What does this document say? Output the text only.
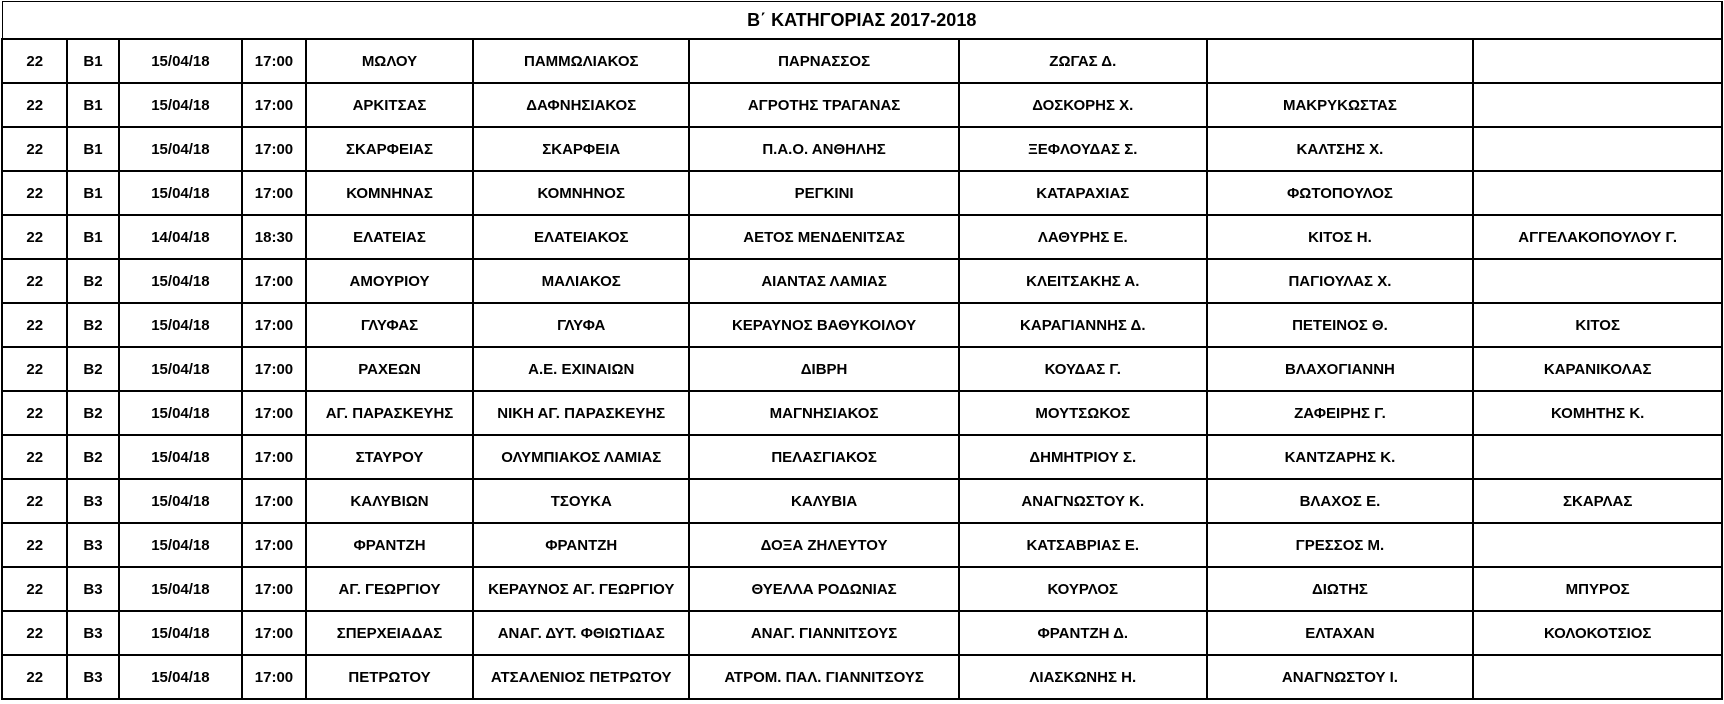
Β΄ ΚΑΤΗΓΟΡΙΑΣ 2017-2018									
22	Β1	15/04/18	17:00	ΜΩΛΟΥ	ΠΑΜΜΩΛΙΑΚΟΣ	ΠΑΡΝΑΣΣΟΣ	ΖΩΓΑΣ Δ.		
22	Β1	15/04/18	17:00	ΑΡΚΙΤΣΑΣ	ΔΑΦΝΗΣΙΑΚΟΣ	ΑΓΡΟΤΗΣ ΤΡΑΓΑΝΑΣ	ΔΟΣΚΟΡΗΣ Χ.	ΜΑΚΡΥΚΩΣΤΑΣ	
22	Β1	15/04/18	17:00	ΣΚΑΡΦΕΙΑΣ	ΣΚΑΡΦΕΙΑ	Π.Α.Ο. ΑΝΘΗΛΗΣ	ΞΕΦΛΟΥΔΑΣ Σ.	ΚΑΛΤΣΗΣ Χ.	
22	Β1	15/04/18	17:00	ΚΟΜΝΗΝΑΣ	ΚΟΜΝΗΝΟΣ	ΡΕΓΚΙΝΙ	ΚΑΤΑΡΑΧΙΑΣ	ΦΩΤΟΠΟΥΛΟΣ	
22	Β1	14/04/18	18:30	ΕΛΑΤΕΙΑΣ	ΕΛΑΤΕΙΑΚΟΣ	ΑΕΤΟΣ ΜΕΝΔΕΝΙΤΣΑΣ	ΛΑΘΥΡΗΣ Ε.	ΚΙΤΟΣ Η.	ΑΓΓΕΛΑΚΟΠΟΥΛΟΥ Γ.
22	Β2	15/04/18	17:00	ΑΜΟΥΡΙΟΥ	ΜΑΛΙΑΚΟΣ	ΑΙΑΝΤΑΣ ΛΑΜΙΑΣ	ΚΛΕΙΤΣΑΚΗΣ Α.	ΠΑΓΙΟΥΛΑΣ Χ.	
22	Β2	15/04/18	17:00	ΓΛΥΦΑΣ	ΓΛΥΦΑ	ΚΕΡΑΥΝΟΣ ΒΑΘΥΚΟΙΛΟΥ	ΚΑΡΑΓΙΑΝΝΗΣ Δ.	ΠΕΤΕΙΝΟΣ Θ.	ΚΙΤΟΣ
22	Β2	15/04/18	17:00	ΡΑΧΕΩΝ	Α.Ε. ΕΧΙΝΑΙΩΝ	ΔΙΒΡΗ	ΚΟΥΔΑΣ Γ.	ΒΛΑΧΟΓΙΑΝΝΗ	ΚΑΡΑΝΙΚΟΛΑΣ
22	Β2	15/04/18	17:00	ΑΓ. ΠΑΡΑΣΚΕΥΗΣ	ΝΙΚΗ ΑΓ. ΠΑΡΑΣΚΕΥΗΣ	ΜΑΓΝΗΣΙΑΚΟΣ	ΜΟΥΤΣΩΚΟΣ	ΖΑΦΕΙΡΗΣ Γ.	ΚΟΜΗΤΗΣ Κ.
22	Β2	15/04/18	17:00	ΣΤΑΥΡΟΥ	ΟΛΥΜΠΙΑΚΟΣ ΛΑΜΙΑΣ	ΠΕΛΑΣΓΙΑΚΟΣ	ΔΗΜΗΤΡΙΟΥ Σ.	ΚΑΝΤΖΑΡΗΣ Κ.	
22	Β3	15/04/18	17:00	ΚΑΛΥΒΙΩΝ	ΤΣΟΥΚΑ	ΚΑΛΥΒΙΑ	ΑΝΑΓΝΩΣΤΟΥ Κ.	ΒΛΑΧΟΣ Ε.	ΣΚΑΡΛΑΣ
22	Β3	15/04/18	17:00	ΦΡΑΝΤΖΗ	ΦΡΑΝΤΖΗ	ΔΟΞΑ ΖΗΛΕΥΤΟΥ	ΚΑΤΣΑΒΡΙΑΣ Ε.	ΓΡΕΣΣΟΣ Μ.	
22	Β3	15/04/18	17:00	ΑΓ. ΓΕΩΡΓΙΟΥ	ΚΕΡΑΥΝΟΣ ΑΓ. ΓΕΩΡΓΙΟΥ	ΘΥΕΛΛΑ ΡΟΔΩΝΙΑΣ	ΚΟΥΡΛΟΣ	ΔΙΩΤΗΣ	ΜΠΥΡΟΣ
22	Β3	15/04/18	17:00	ΣΠΕΡΧΕΙΑΔΑΣ	ΑΝΑΓ. ΔΥΤ. ΦΘΙΩΤΙΔΑΣ	ΑΝΑΓ. ΓΙΑΝΝΙΤΣΟΥΣ	ΦΡΑΝΤΖΗ Δ.	ΕΛΤΑΧΑΝ	ΚΟΛΟΚΟΤΣΙΟΣ
22	Β3	15/04/18	17:00	ΠΕΤΡΩΤΟΥ	ΑΤΣΑΛΕΝΙΟΣ ΠΕΤΡΩΤΟΥ	ΑΤΡΟΜ. ΠΑΛ. ΓΙΑΝΝΙΤΣΟΥΣ	ΛΙΑΣΚΩΝΗΣ Η.	ΑΝΑΓΝΩΣΤΟΥ Ι.	
